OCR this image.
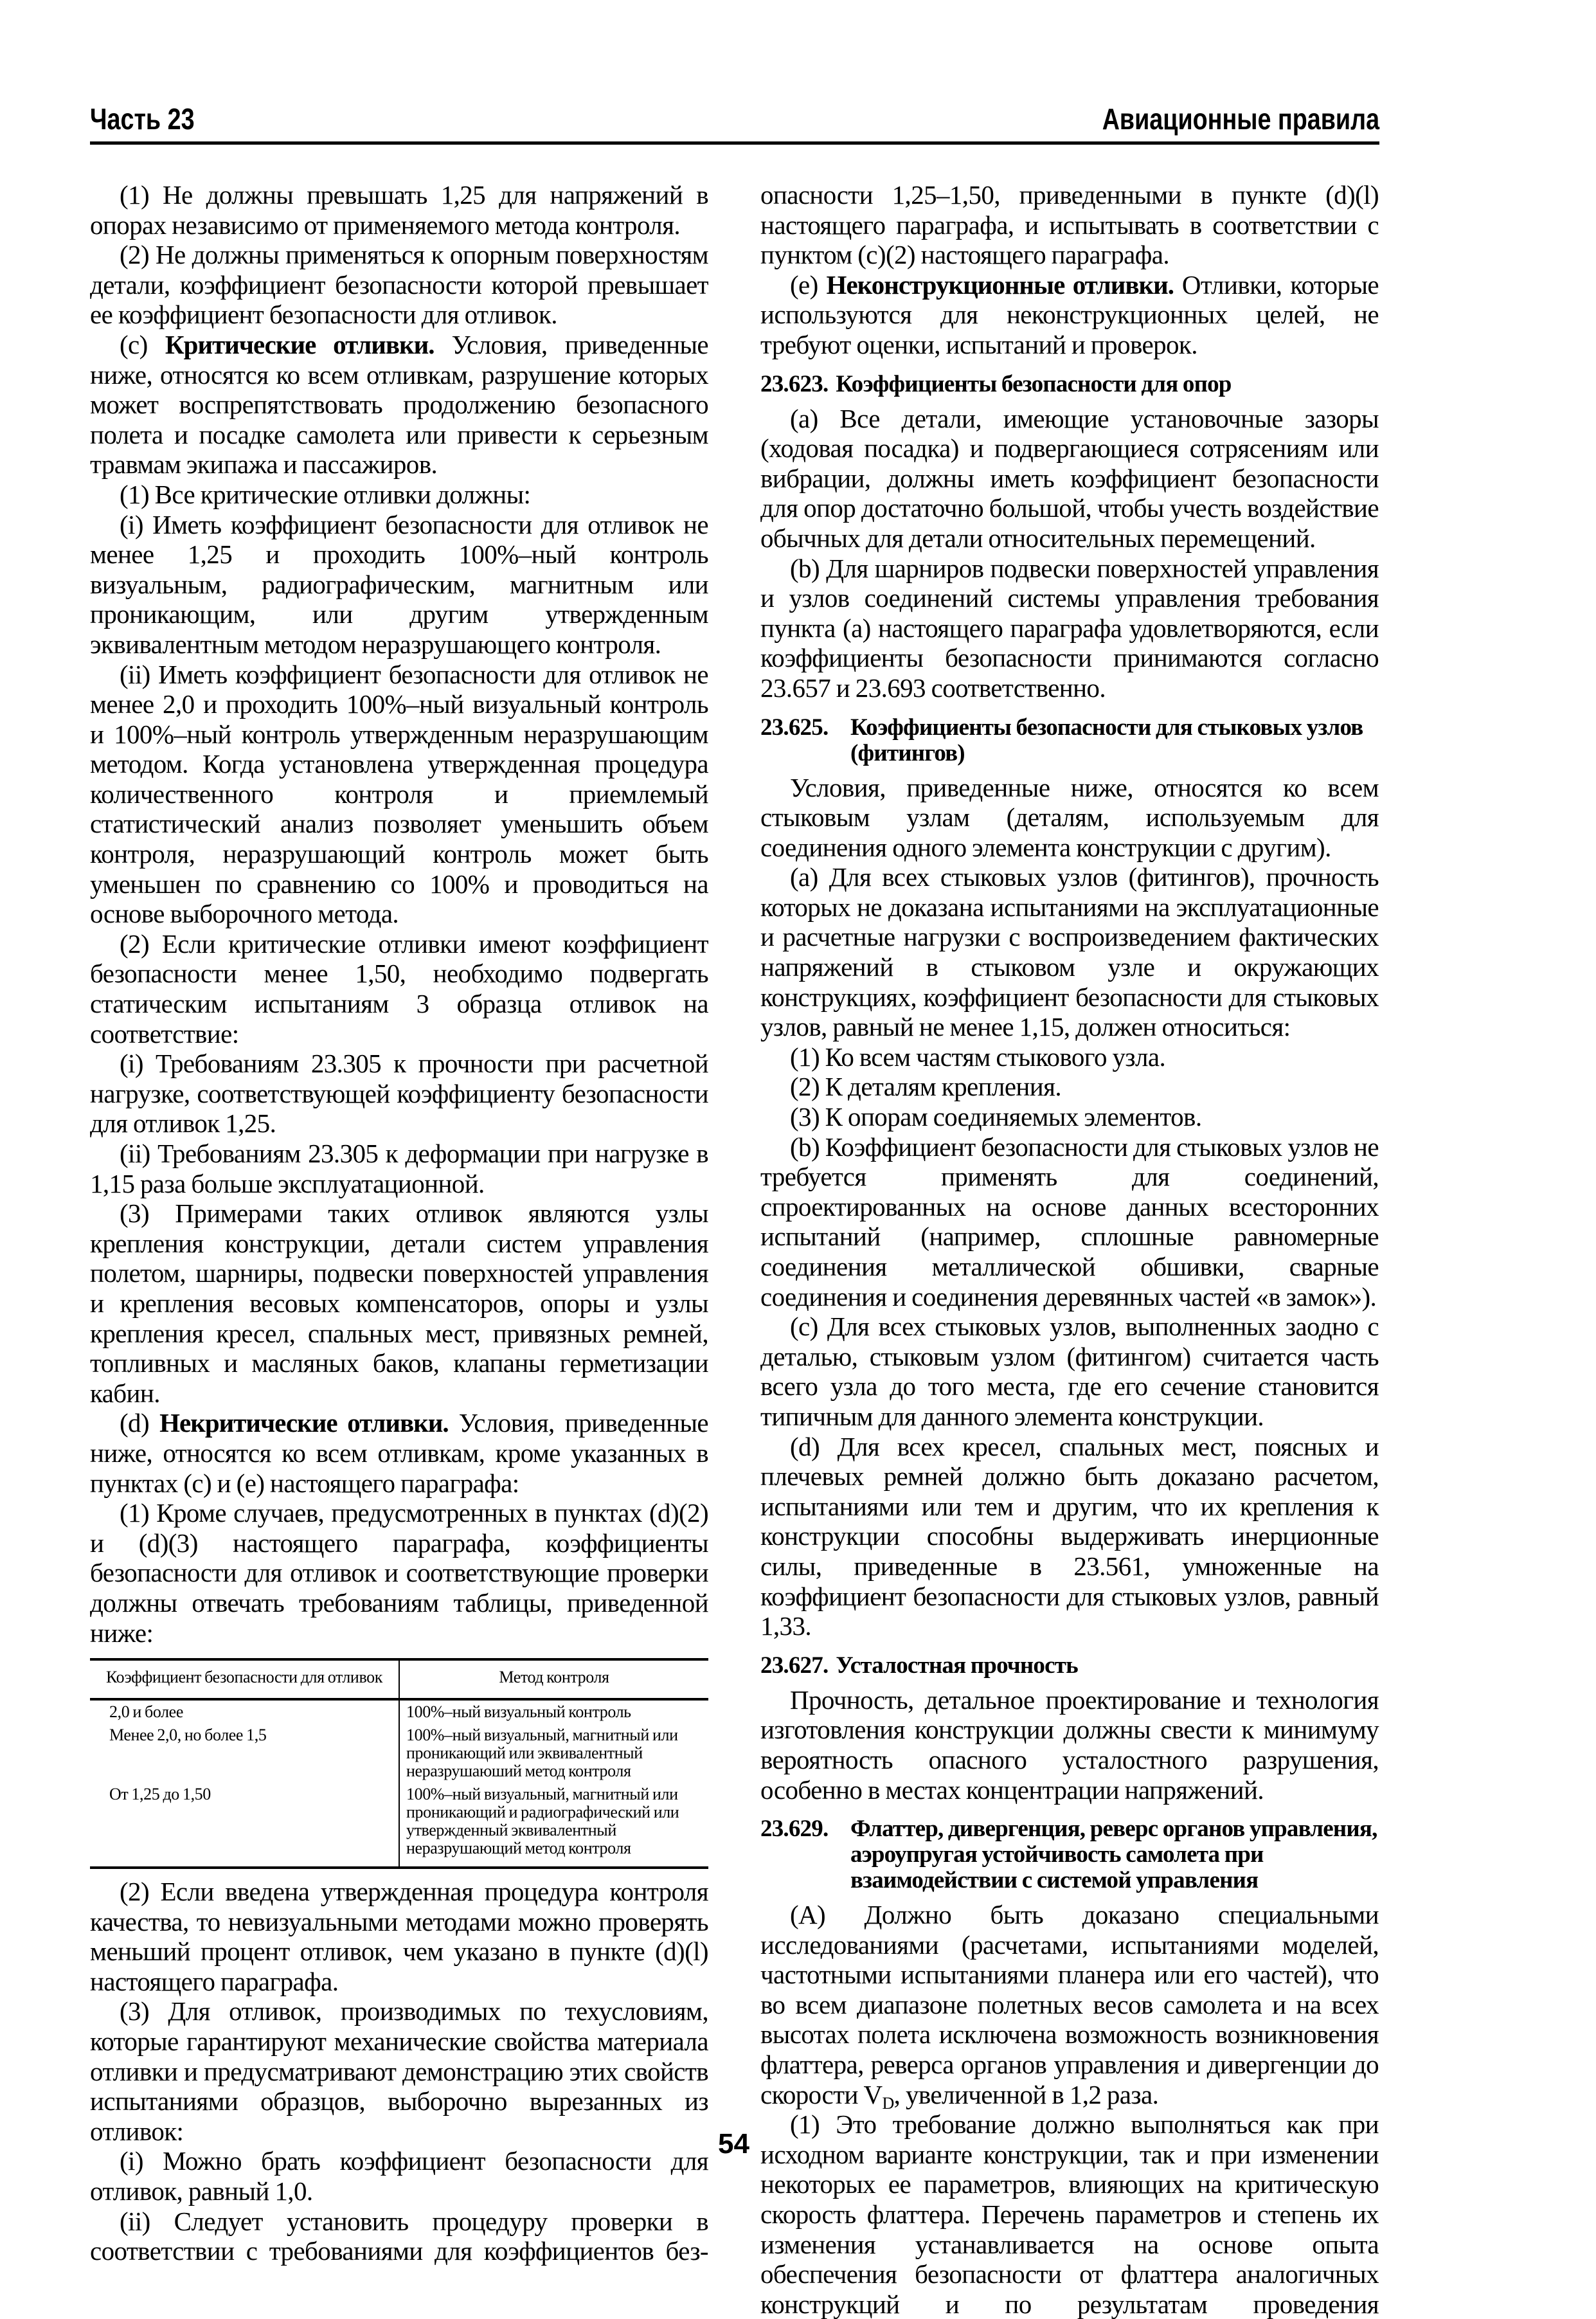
Часть 23	Авиационные правила

(1) Не должны превышать 1,25 для напряжений в опорах независимо от применяемого метода контроля.

(2) Не должны применяться к опорным поверхностям детали, коэффициент безопасности которой превышает ее коэффициент безопасности для отливок.

(c) Критические отливки. Условия, приведенные ниже, относятся ко всем отливкам, разрушение которых может воспрепятствовать продолжению безопасного полета и посадке самолета или привести к серьезным травмам экипажа и пассажиров.

(1) Все критические отливки должны:

(i) Иметь коэффициент безопасности для отливок не менее 1,25 и проходить 100%–ный контроль визуальным, радиографическим, магнитным или проникающим, или другим утвержденным эквивалентным методом неразрушающего контроля.

(ii) Иметь коэффициент безопасности для отливок не менее 2,0 и проходить 100%–ный визуальный контроль и 100%–ный контроль утвержденным неразрушающим методом. Когда установлена утвержденная процедура количественного контроля и приемлемый статистический анализ позволяет уменьшить объем контроля, неразрушающий контроль может быть уменьшен по сравнению со 100% и проводиться на основе выборочного метода.

(2) Если критические отливки имеют коэффициент безопасности менее 1,50, необходимо подвергать статическим испытаниям 3 образца отливок на соответствие:

(i) Требованиям 23.305 к прочности при расчетной нагрузке, соответствующей коэффициенту безопасности для отливок 1,25.

(ii) Требованиям 23.305 к деформации при нагрузке в 1,15 раза больше эксплуатационной.

(3) Примерами таких отливок являются узлы крепления конструкции, детали систем управления полетом, шарниры, подвески поверхностей управления и крепления весовых компенсаторов, опоры и узлы крепления кресел, спальных мест, привязных ремней, топливных и масляных баков, клапаны герметизации кабин.

(d) Некритические отливки. Условия, приведенные ниже, относятся ко всем отливкам, кроме указанных в пунктах (c) и (e) настоящего параграфа:

(1) Кроме случаев, предусмотренных в пунктах (d)(2) и (d)(3) настоящего параграфа, коэффициенты безопасности для отливок и соответствующие проверки должны отвечать требованиям таблицы, приведенной ниже:

Коэффициент безопасности для отливок	Метод контроля
2,0 и более	100%–ный визуальный контроль
Менее 2,0, но более 1,5	100%–ный визуальный, магнитный или проникающий или эквивалентный неразрушаюший метод контроля
От 1,25 до 1,50	100%–ный визуальный, магнитный или проникающий и радиографический или утвержденный эквивалентный неразрушающий метод контроля

(2) Если введена утвержденная процедура контроля качества, то невизуальными методами можно проверять меньший процент отливок, чем указано в пункте (d)(l) настоящего параграфа.

(3) Для отливок, производимых по техусловиям, которые гарантируют механические свойства материала отливки и предусматривают демонстрацию этих свойств испытаниями образцов, выборочно вырезанных из отливок:

(i) Можно брать коэффициент безопасности для отливок, равный 1,0.

(ii) Следует установить процедуру проверки в соответствии с требованиями для коэффициентов без-

опасности 1,25–1,50, приведенными в пункте (d)(l) настоящего параграфа, и испытывать в соответствии с пунктом (c)(2) настоящего параграфа.

(e) Неконструкционные отливки. Отливки, которые используются для неконструкционных целей, не требуют оценки, испытаний и проверок.

23.623. Коэффициенты безопасности для опор

(a) Все детали, имеющие установочные зазоры (ходовая посадка) и подвергающиеся сотрясениям или вибрации, должны иметь коэффициент безопасности для опор достаточно большой, чтобы учесть воздействие обычных для детали относительных перемещений.

(b) Для шарниров подвески поверхностей управления и узлов соединений системы управления требования пункта (a) настоящего параграфа удовлетворяются, если коэффициенты безопасности принимаются согласно 23.657 и 23.693 соответственно.

23.625. Коэффициенты безопасности для стыковых узлов (фитингов)

Условия, приведенные ниже, относятся ко всем стыковым узлам (деталям, используемым для соединения одного элемента конструкции с другим).

(a) Для всех стыковых узлов (фитингов), прочность которых не доказана испытаниями на эксплуатационные и расчетные нагрузки с воспроизведением фактических напряжений в стыковом узле и окружающих конструкциях, коэффициент безопасности для стыковых узлов, равный не менее 1,15, должен относиться:

(1) Ко всем частям стыкового узла.

(2) К деталям крепления.

(3) К опорам соединяемых элементов.

(b) Коэффициент безопасности для стыковых узлов не требуется применять для соединений, спроектированных на основе данных всесторонних испытаний (например, сплошные равномерные соединения металлической обшивки, сварные соединения и соединения деревянных частей «в замок»).

(c) Для всех стыковых узлов, выполненных заодно с деталью, стыковым узлом (фитингом) считается часть всего узла до того места, где его сечение становится типичным для данного элемента конструкции.

(d) Для всех кресел, спальных мест, поясных и плечевых ремней должно быть доказано расчетом, испытаниями или тем и другим, что их крепления к конструкции способны выдерживать инерционные силы, приведенные в 23.561, умноженные на коэффициент безопасности для стыковых узлов, равный 1,33.

23.627. Усталостная прочность

Прочность, детальное проектирование и технология изготовления конструкции должны свести к минимуму вероятность опасного усталостного разрушения, особенно в местах концентрации напряжений.

23.629. Флаттер, дивергенция, реверс органов управления, аэроупругая устойчивость самолета при взаимодействии с системой управления

(A) Должно быть доказано специальными исследованиями (расчетами, испытаниями моделей, частотными испытаниями планера или его частей), что во всем диапазоне полетных весов самолета и на всех высотах полета исключена возможность возникновения флаттера, реверса органов управления и дивергенции до скорости $V_D$, увеличенной в 1,2 раза.

(1) Это требование должно выполняться как при исходном варианте конструкции, так и при изменении некоторых ее параметров, влияющих на критическую скорость флаттера. Перечень параметров и степень их изменения устанавливается на основе опыта обеспечения безопасности от флаттера аналогичных конструкций и по результатам проведения

54
